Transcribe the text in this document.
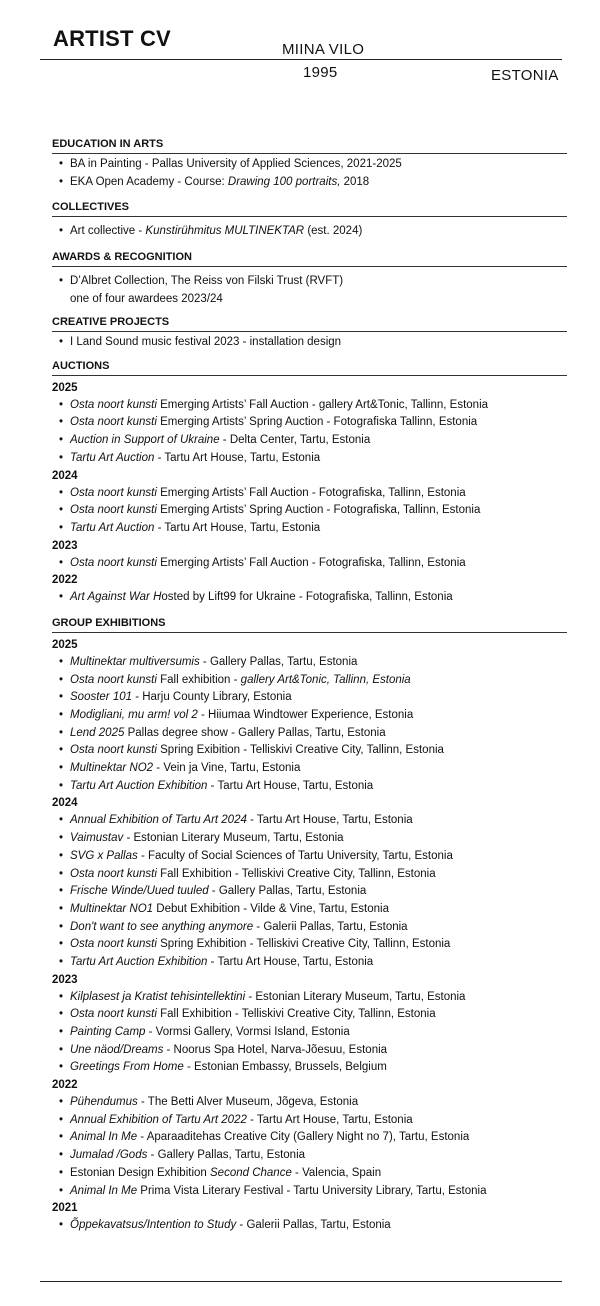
ARTIST CV	MIINA VILO
1995	ESTONIA
EDUCATION IN ARTS
• BA in Painting - Pallas University of Applied Sciences, 2021-2025
• EKA Open Academy - Course: Drawing 100 portraits, 2018
COLLECTIVES
• Art collective - Kunstirühmitus MULTINEKTAR (est. 2024)
AWARDS & RECOGNITION
• D’Albret Collection, The Reiss von Filski Trust (RVFT)
one of four awardees 2023/24
CREATIVE PROJECTS
• I Land Sound music festival 2023 - installation design
AUCTIONS
2025
• Osta noort kunsti Emerging Artists’ Fall Auction - gallery Art&Tonic, Tallinn, Estonia
• Osta noort kunsti Emerging Artists’ Spring Auction - Fotografiska Tallinn, Estonia
• Auction in Support of Ukraine - Delta Center, Tartu, Estonia
• Tartu Art Auction - Tartu Art House, Tartu, Estonia
2024
• Osta noort kunsti Emerging Artists’ Fall Auction - Fotografiska, Tallinn, Estonia
• Osta noort kunsti Emerging Artists’ Spring Auction - Fotografiska, Tallinn, Estonia
• Tartu Art Auction - Tartu Art House, Tartu, Estonia
2023
• Osta noort kunsti Emerging Artists’ Fall Auction - Fotografiska, Tallinn, Estonia
2022
• Art Against War Hosted by Lift99 for Ukraine - Fotografiska, Tallinn, Estonia
GROUP EXHIBITIONS
2025
• Multinektar multiversumis - Gallery Pallas, Tartu, Estonia
• Osta noort kunsti Fall exhibition - gallery Art&Tonic, Tallinn, Estonia
• Sooster 101 - Harju County Library, Estonia
• Modigliani, mu arm! vol 2 - Hiiumaa Windtower Experience, Estonia
• Lend 2025 Pallas degree show - Gallery Pallas, Tartu, Estonia
• Osta noort kunsti Spring Exibition - Telliskivi Creative City, Tallinn, Estonia
• Multinektar NO2 - Vein ja Vine, Tartu, Estonia
• Tartu Art Auction Exhibition - Tartu Art House, Tartu, Estonia
2024
• Annual Exhibition of Tartu Art 2024 - Tartu Art House, Tartu, Estonia
• Vaimustav - Estonian Literary Museum, Tartu, Estonia
• SVG x Pallas - Faculty of Social Sciences of Tartu University, Tartu, Estonia
• Osta noort kunsti Fall Exhibition - Telliskivi Creative City, Tallinn, Estonia
• Frische Winde/Uued tuuled - Gallery Pallas, Tartu, Estonia
• Multinektar NO1 Debut Exhibition - Vilde & Vine, Tartu, Estonia
• Don't want to see anything anymore - Galerii Pallas, Tartu, Estonia
• Osta noort kunsti Spring Exhibition - Telliskivi Creative City, Tallinn, Estonia
• Tartu Art Auction Exhibition - Tartu Art House, Tartu, Estonia
2023
• Kilplasest ja Kratist tehisintellektini - Estonian Literary Museum, Tartu, Estonia
• Osta noort kunsti Fall Exhibition - Telliskivi Creative City, Tallinn, Estonia
• Painting Camp - Vormsi Gallery, Vormsi Island, Estonia
• Une näod/Dreams - Noorus Spa Hotel, Narva-Jõesuu, Estonia
• Greetings From Home - Estonian Embassy, Brussels, Belgium
2022
• Pühendumus - The Betti Alver Museum, Jõgeva, Estonia
• Annual Exhibition of Tartu Art 2022 - Tartu Art House, Tartu, Estonia
• Animal In Me - Aparaaditehas Creative City (Gallery Night no 7), Tartu, Estonia
• Jumalad /Gods - Gallery Pallas, Tartu, Estonia
• Estonian Design Exhibition Second Chance - Valencia, Spain
• Animal In Me Prima Vista Literary Festival - Tartu University Library, Tartu, Estonia
2021
• Õppekavatsus/Intention to Study - Galerii Pallas, Tartu, Estonia
